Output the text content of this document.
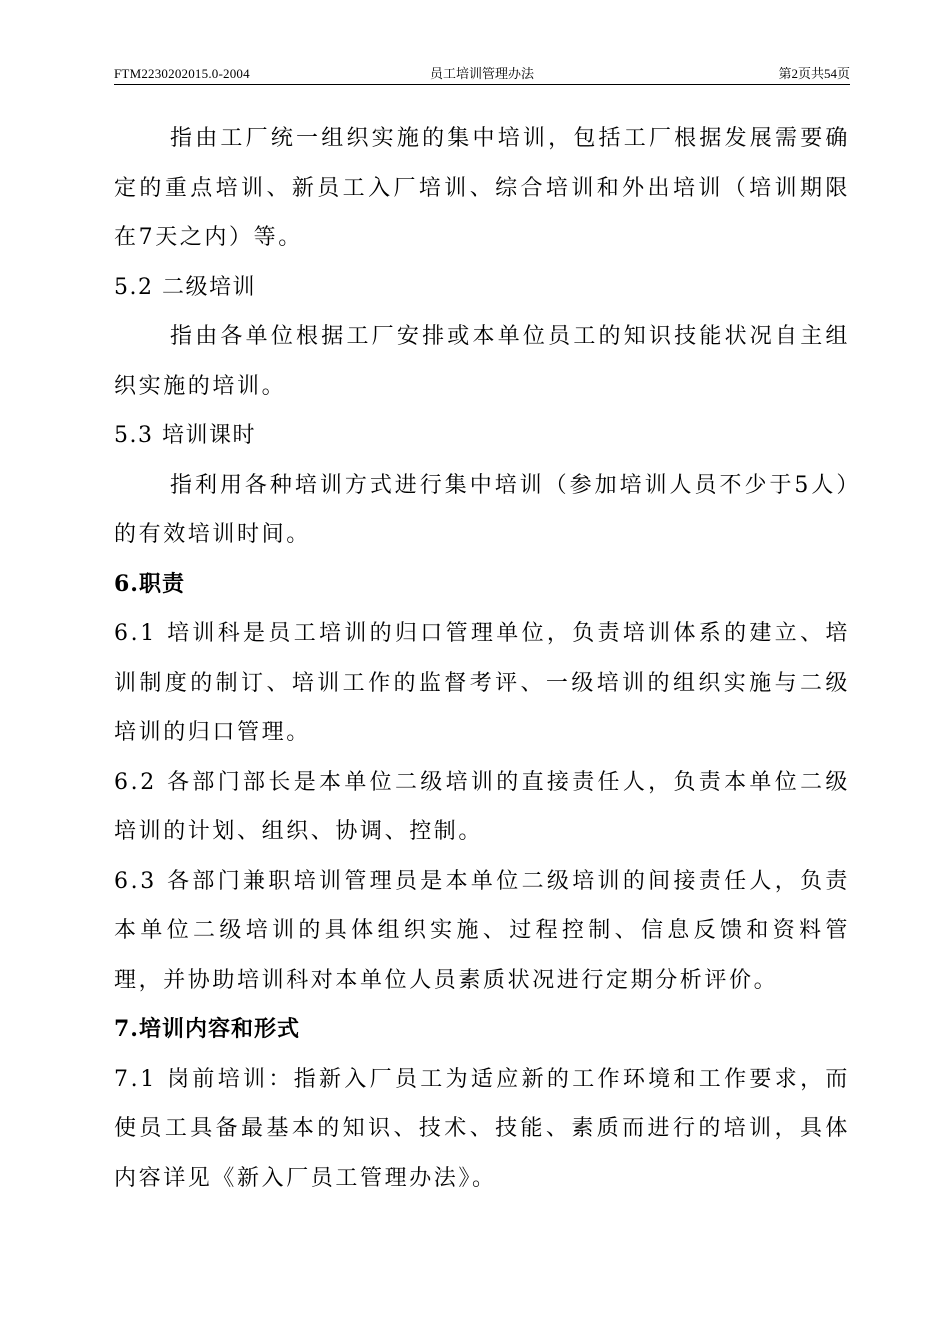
FTM2230202015.0-2004	员工培训管理办法	第2页共54页

指由工厂统一组织实施的集中培训，包括工厂根据发展需要确定的重点培训、新员工入厂培训、综合培训和外出培训（培训期限在7天之内）等。

5.2 二级培训

指由各单位根据工厂安排或本单位员工的知识技能状况自主组织实施的培训。

5.3 培训课时

指利用各种培训方式进行集中培训（参加培训人员不少于5人）的有效培训时间。

6.职责

6.1 培训科是员工培训的归口管理单位，负责培训体系的建立、培训制度的制订、培训工作的监督考评、一级培训的组织实施与二级培训的归口管理。

6.2 各部门部长是本单位二级培训的直接责任人，负责本单位二级培训的计划、组织、协调、控制。

6.3 各部门兼职培训管理员是本单位二级培训的间接责任人，负责本单位二级培训的具体组织实施、过程控制、信息反馈和资料管理，并协助培训科对本单位人员素质状况进行定期分析评价。

7.培训内容和形式

7.1 岗前培训：指新入厂员工为适应新的工作环境和工作要求，而使员工具备最基本的知识、技术、技能、素质而进行的培训，具体内容详见《新入厂员工管理办法》。
